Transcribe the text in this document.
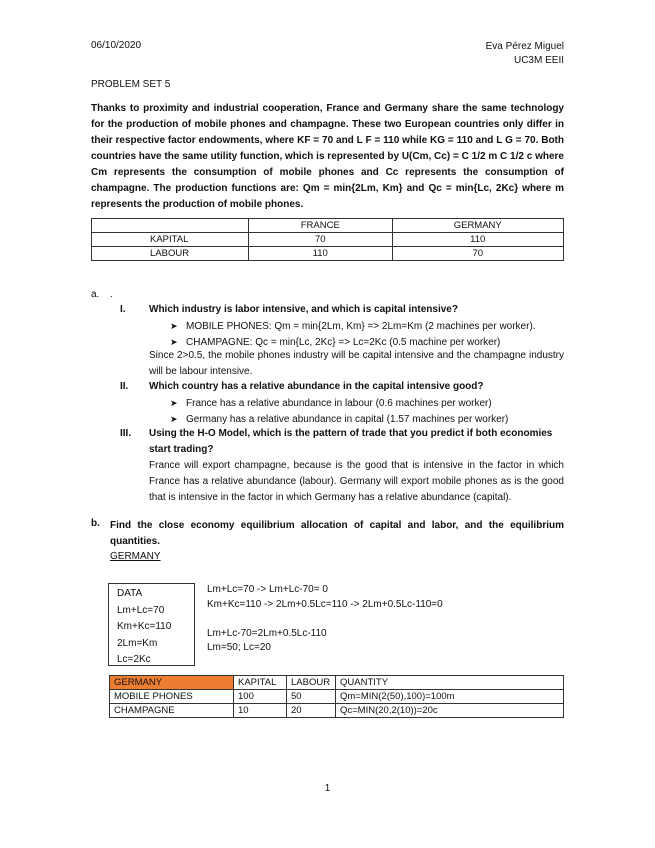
06/10/2020	Eva Pérez Miguel
UC3M EEII
PROBLEM SET 5
Thanks to proximity and industrial cooperation, France and Germany share the same technology for the production of mobile phones and champagne. These two European countries only differ in their respective factor endowments, where KF = 70 and L F = 110 while KG = 110 and L G = 70. Both countries have the same utility function, which is represented by U(Cm, Cc) = C 1/2 m C 1/2 c where Cm represents the consumption of mobile phones and Cc represents the consumption of champagne. The production functions are: Qm = min{2Lm, Km} and Qc = min{Lc, 2Kc} where m represents the production of mobile phones.
	FRANCE	GERMANY
KAPITAL	70	110
LABOUR	110	70
a. .
I. Which industry is labor intensive, and which is capital intensive?
➤ MOBILE PHONES: Qm = min{2Lm, Km} => 2Lm=Km (2 machines per worker).
➤ CHAMPAGNE: Qc = min{Lc, 2Kc} => Lc=2Kc (0.5 machine per worker)
Since 2>0.5, the mobile phones industry will be capital intensive and the champagne industry will be labour intensive.
II. Which country has a relative abundance in the capital intensive good?
➤ France has a relative abundance in labour (0.6 machines per worker)
➤ Germany has a relative abundance in capital (1.57 machines per worker)
III. Using the H-O Model, which is the pattern of trade that you predict if both economies start trading?
France will export champagne, because is the good that is intensive in the factor in which France has a relative abundance (labour). Germany will export mobile phones as is the good that is intensive in the factor in which Germany has a relative abundance (capital).
b. Find the close economy equilibrium allocation of capital and labor, and the equilibrium quantities.
GERMANY
DATA
Lm+Lc=70
Km+Kc=110
2Lm=Km
Lc=2Kc
Lm+Lc=70 -> Lm+Lc-70= 0
Km+Kc=110 -> 2Lm+0.5Lc=110 -> 2Lm+0.5Lc-110=0
Lm+Lc-70=2Lm+0.5Lc-110
Lm=50; Lc=20
GERMANY	KAPITAL	LABOUR	QUANTITY
MOBILE PHONES	100	50	Qm=MIN(2(50),100)=100m
CHAMPAGNE	10	20	Qc=MIN(20,2(10))=20c
1
